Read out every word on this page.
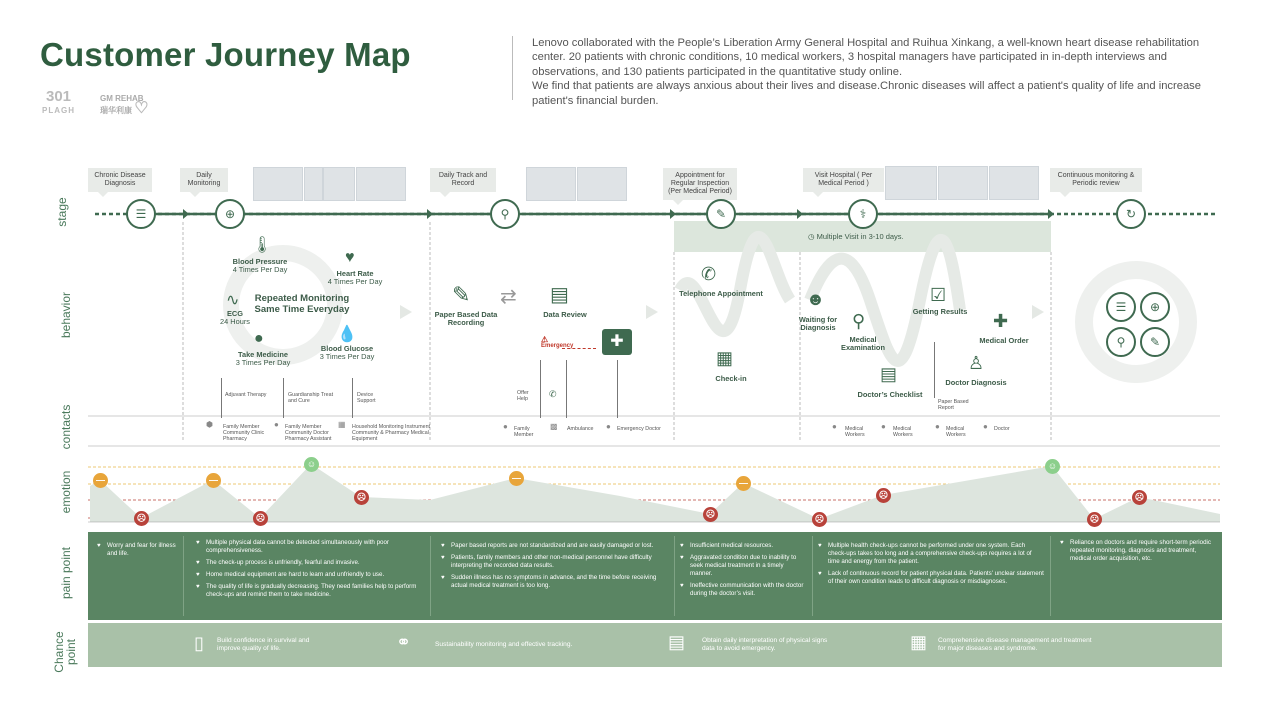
Customer Journey Map	Lenovo collaborated with the People’s Liberation Army General Hospital and Ruihua Xinkang, a well-known heart disease rehabilitation center. 20 patients with chronic conditions, 10 medical workers, 3 hospital managers have participated in in-depth interviews and observations, and 130 patients participated in the quantitative study online.
We find that patients are always anxious about their lives and disease.Chronic diseases will affect a patient's quality of life and increase patient's financial burden.
301
PLAGH
GM REHAB
瑞华利康 ♡
stage
behavior
contacts
emotion
pain point
Chance point
◷ Multiple Visit in 3-10 days.
Chronic Disease Diagnosis
Daily Monitoring
Daily Track and Record
Appointment for Regular Inspection (Per Medical Period)
Visit Hospital ( Per Medical Period )
Continuous monitoring & Periodic review
☰	⊕	⚲	✎	⚕	↻
🌡
Blood Pressure
4 Times Per Day
♥
Heart Rate
4 Times Per Day
∿
ECG
24 Hours
Repeated Monitoring Same Time Everyday
●
Take Medicine
3 Times Per Day
💧
Blood Glucose
3 Times Per Day
Adjuvant Therapy	Guardianship Treat and Cure
Device Support
✎
Paper Based Data Recording
⇄ ▤
Data Review
⚠
Emergency	✚
Offer Help	✆
✆
Telephone Appointment
▦
Check-in
☻
Waiting for Diagnosis ⚲
Medical Examination
▤
Doctor’s Checklist
☑
Getting Results
♙
Doctor Diagnosis
✚
Medical Order
Paper Based Report
☰	⊕
⚲	✎
⬢ Family Member Community Clinic Pharmacy
● Family Member Community Doctor Pharmacy Assistant
▦ Household Monitoring Instrument Community & Pharmacy Medical Equipment
● Family Member
▩ Ambulance ● Emergency Doctor	● Medical Workers
● Medical Workers
● Medical Workers
● Doctor
—
☹
—
☹
☺
☹
—
☹
—
☹
☹
☺
☹
☹
♥ Worry and fear for illness and life.
♥ Multiple physical data cannot be detected simultaneously with poor comprehensiveness.
♥ The check-up process is unfriendly, fearful and invasive.
♥ Home medical equipment are hard to learn and unfriendly to use.
♥ The quality of life is gradually decreasing. They need families help to perform check-ups and remind them to take medicine.
♥ Paper based reports are not standardized and are easily damaged or lost.
♥ Patients, family members and other non-medical personnel have difficulty interpreting the recorded data results.
♥ Sudden illness has no symptoms in advance, and the time before receiving actual medical treatment is too long.
♥ Insufficient medical resources.
♥ Aggravated condition due to inability to seek medical treatment in a timely manner.
♥ Ineffective communication with the doctor during the doctor’s visit.
♥ Multiple health check-ups cannot be performed under one system. Each check-ups takes too long and a comprehensive check-ups requires a lot of time and energy from the patient.
♥ Lack of continuous record for patient physical data. Patients' unclear statement of their own condition leads to difficult diagnosis or misdiagnoses.
♥ Reliance on doctors and require short-term periodic repeated monitoring, diagnosis and treatment, medical order acquisition, etc.
▯ Build confidence in survival and improve quality of life.	⚭	Sustainability monitoring and effective tracking.	▤	Obtain daily interpretation of physical signs data to avoid emergency.	▦ Comprehensive disease management and treatment for major diseases and syndrome.
